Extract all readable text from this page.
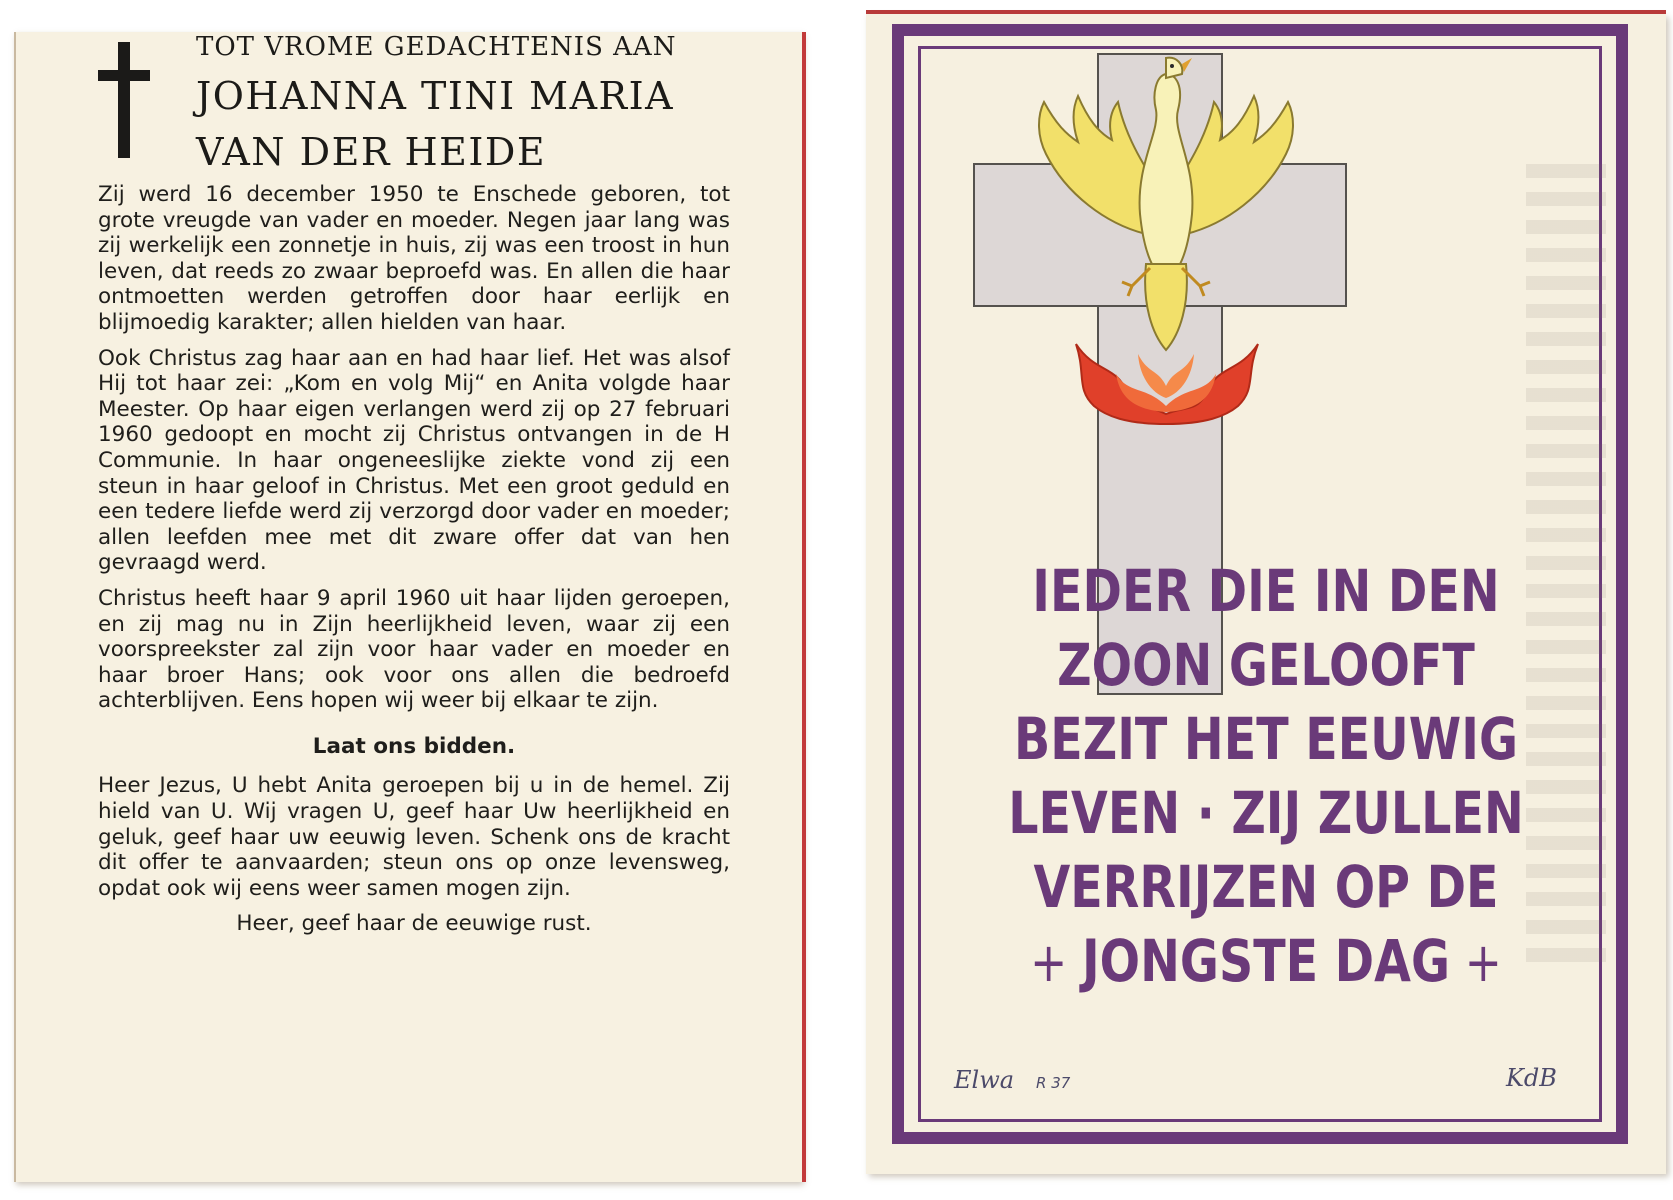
TOT VROME GEDACHTENIS AAN
JOHANNA TINI MARIA
VAN DER HEIDE

Zij werd 16 december 1950 te Enschede geboren, tot grote vreugde van vader en moeder. Negen jaar lang was zij werkelijk een zonnetje in huis, zij was een troost in hun leven, dat reeds zo zwaar beproefd was. En allen die haar ontmoetten werden getroffen door haar eerlijk en blijmoedig karakter; allen hielden van haar.

Ook Christus zag haar aan en had haar lief. Het was alsof Hij tot haar zei: „Kom en volg Mij“ en Anita volgde haar Meester. Op haar eigen verlangen werd zij op 27 februari 1960 gedoopt en mocht zij Christus ontvangen in de H Communie. In haar ongeneeslijke ziekte vond zij een steun in haar geloof in Christus. Met een groot geduld en een tedere liefde werd zij verzorgd door vader en moeder; allen leefden mee met dit zware offer dat van hen gevraagd werd.

Christus heeft haar 9 april 1960 uit haar lijden geroepen, en zij mag nu in Zijn heerlijkheid leven, waar zij een voorspreekster zal zijn voor haar vader en moeder en haar broer Hans; ook voor ons allen die bedroefd achterblijven. Eens hopen wij weer bij elkaar te zijn.

Laat ons bidden.

Heer Jezus, U hebt Anita geroepen bij u in de hemel. Zij hield van U. Wij vragen U, geef haar Uw heerlijkheid en geluk, geef haar uw eeuwig leven. Schenk ons de kracht dit offer te aanvaarden; steun ons op onze levensweg, opdat ook wij eens weer samen mogen zijn.

Heer, geef haar de eeuwige rust.

IEDER DIE IN DEN
ZOON GELOOFT
BEZIT HET EEUWIG
LEVEN · ZIJ ZULLEN
VERRIJZEN OP DE
+ JONGSTE DAG +
Elwa R 37	KdB
